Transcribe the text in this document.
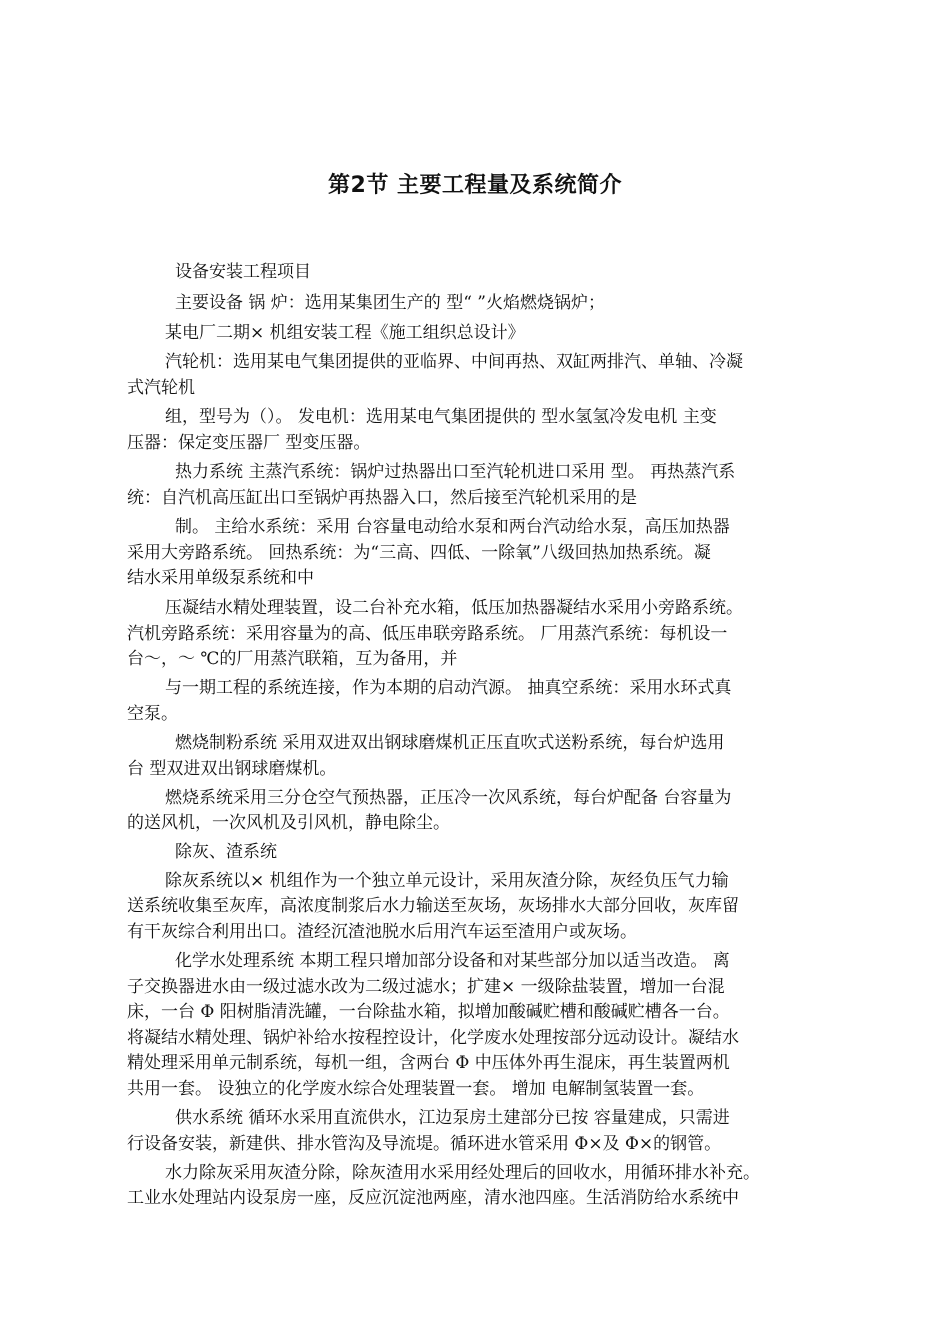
第2节 主要工程量及系统简介
设备安装工程项目
主要设备 锅 炉：选用某集团生产的 型“ ”火焰燃烧锅炉；
某电厂二期× 机组安装工程《施工组织总设计》
汽轮机：选用某电气集团提供的亚临界、中间再热、双缸两排汽、单轴、冷凝
式汽轮机
组，型号为（）。 发电机：选用某电气集团提供的 型水氢氢冷发电机 主变
压器：保定变压器厂 型变压器。
热力系统 主蒸汽系统：锅炉过热器出口至汽轮机进口采用 型。 再热蒸汽系
统：自汽机高压缸出口至锅炉再热器入口，然后接至汽轮机采用的是
制。 主给水系统：采用 台容量电动给水泵和两台汽动给水泵，高压加热器
采用大旁路系统。 回热系统：为“三高、四低、一除氧”八级回热加热系统。凝
结水采用单级泵系统和中
压凝结水精处理装置，设二台补充水箱，低压加热器凝结水采用小旁路系统。
汽机旁路系统：采用容量为的高、低压串联旁路系统。 厂用蒸汽系统：每机设一
台～，～ ℃的厂用蒸汽联箱，互为备用，并
与一期工程的系统连接，作为本期的启动汽源。 抽真空系统：采用水环式真
空泵。
燃烧制粉系统 采用双进双出钢球磨煤机正压直吹式送粉系统，每台炉选用
台 型双进双出钢球磨煤机。
燃烧系统采用三分仓空气预热器，正压冷一次风系统，每台炉配备 台容量为
的送风机，一次风机及引风机，静电除尘。
除灰、渣系统
除灰系统以× 机组作为一个独立单元设计，采用灰渣分除，灰经负压气力输
送系统收集至灰库，高浓度制浆后水力输送至灰场，灰场排水大部分回收，灰库留
有干灰综合利用出口。渣经沉渣池脱水后用汽车运至渣用户或灰场。
化学水处理系统 本期工程只增加部分设备和对某些部分加以适当改造。 离
子交换器进水由一级过滤水改为二级过滤水；扩建× 一级除盐装置，增加一台混
床，一台 Φ 阳树脂清洗罐，一台除盐水箱，拟增加酸碱贮槽和酸碱贮槽各一台。
将凝结水精处理、锅炉补给水按程控设计，化学废水处理按部分远动设计。凝结水
精处理采用单元制系统，每机一组，含两台 Φ 中压体外再生混床，再生装置两机
共用一套。 设独立的化学废水综合处理装置一套。 增加 电解制氢装置一套。
供水系统 循环水采用直流供水，江边泵房土建部分已按 容量建成，只需进
行设备安装，新建供、排水管沟及导流堤。循环进水管采用 Φ×及 Φ×的钢管。
水力除灰采用灰渣分除，除灰渣用水采用经处理后的回收水，用循环排水补充。
工业水处理站内设泵房一座，反应沉淀池两座，清水池四座。生活消防给水系统中
